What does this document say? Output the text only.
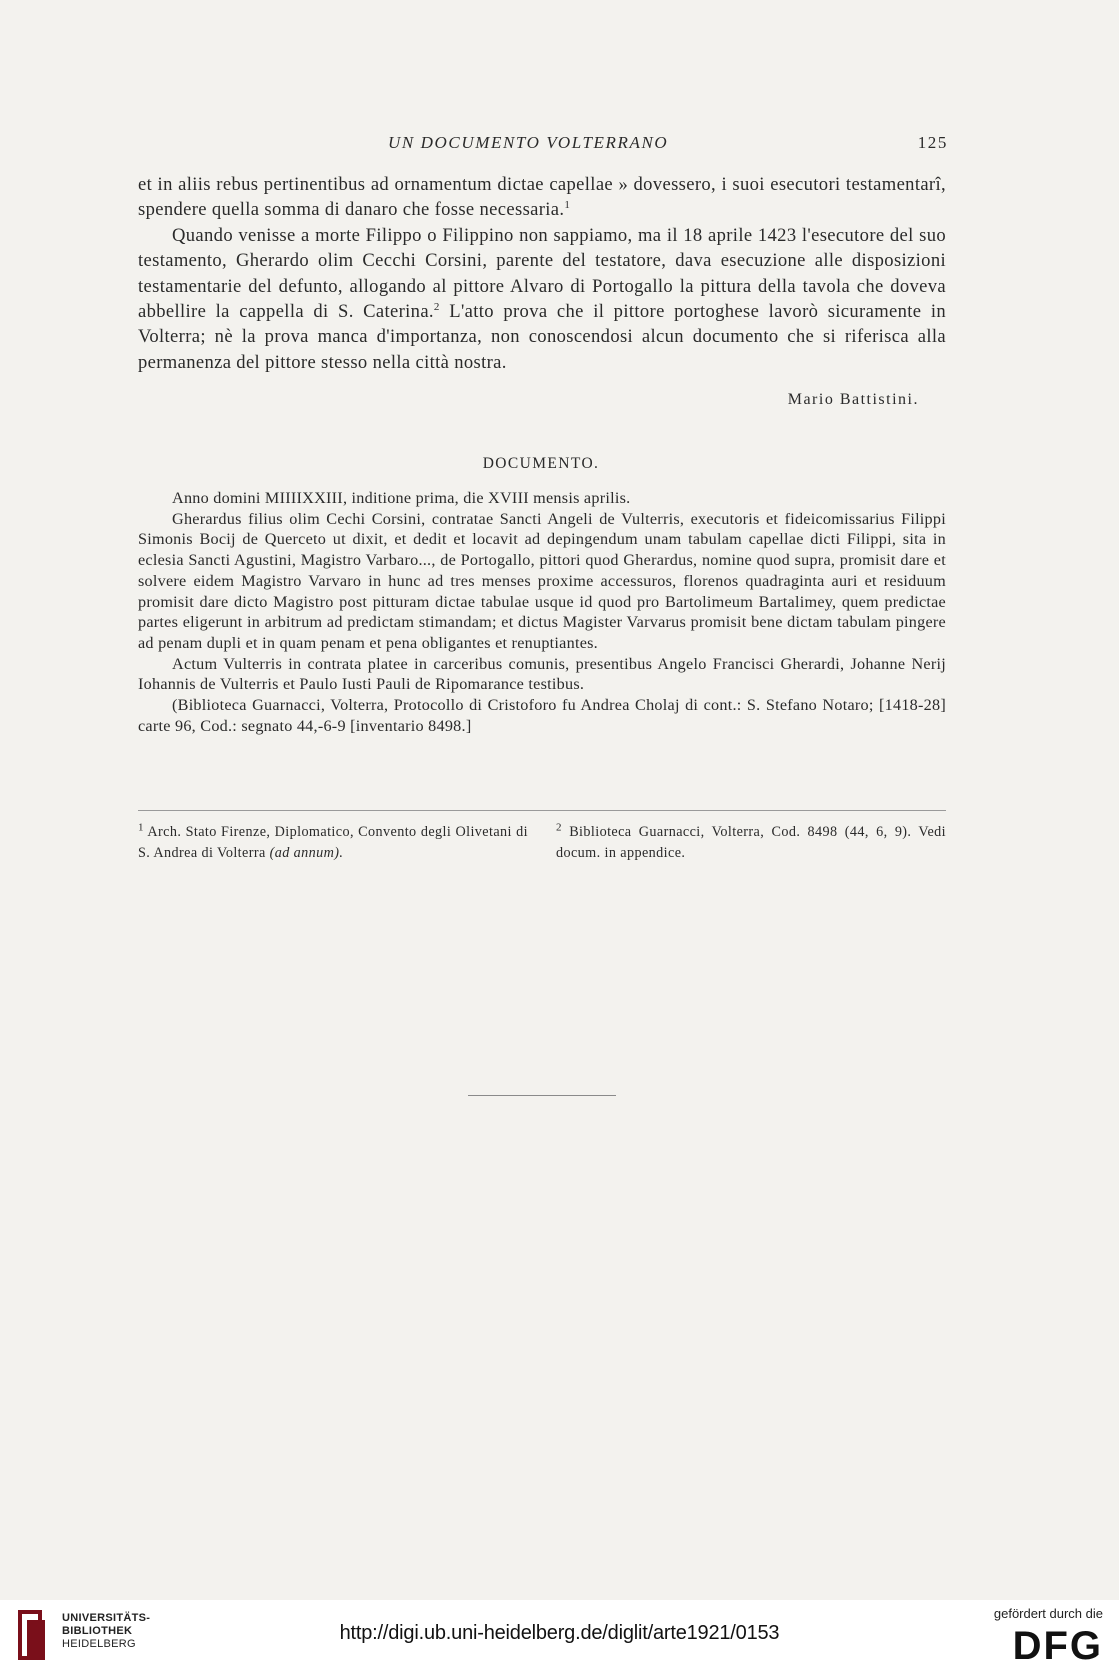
UN DOCUMENTO VOLTERRANO	125

et in aliis rebus pertinentibus ad ornamentum dictae capellae » dovessero, i suoi esecutori testamentarî, spendere quella somma di danaro che fosse necessaria.$^1$

Quando venisse a morte Filippo o Filippino non sappiamo, ma il 18 aprile 1423 l'esecutore del suo testamento, Gherardo olim Cecchi Corsini, parente del testatore, dava esecuzione alle disposizioni testamentarie del defunto, allogando al pittore Alvaro di Portogallo la pittura della tavola che doveva abbellire la cappella di S. Caterina.$^2$ L'atto prova che il pittore portoghese lavorò sicuramente in Volterra; nè la prova manca d'importanza, non conoscendosi alcun documento che si riferisca alla permanenza del pittore stesso nella città nostra.

Mario Battistini.
DOCUMENTO.

Anno domini MIIIIXXIII, inditione prima, die XVIII mensis aprilis.

Gherardus filius olim Cechi Corsini, contratae Sancti Angeli de Vulterris, executoris et fideicomissarius Filippi Simonis Bocij de Querceto ut dixit, et dedit et locavit ad depingendum unam tabulam capellae dicti Filippi, sita in eclesia Sancti Agustini, Magistro Varbaro..., de Portogallo, pittori quod Gherardus, nomine quod supra, promisit dare et solvere eidem Magistro Varvaro in hunc ad tres menses proxime accessuros, florenos quadraginta auri et residuum promisit dare dicto Magistro post pitturam dictae tabulae usque id quod pro Bartolimeum Bartalimey, quem predictae partes eligerunt in arbitrum ad predictam stimandam; et dictus Magister Varvarus promisit bene dictam tabulam pingere ad penam dupli et in quam penam et pena obligantes et renuptiantes.

Actum Vulterris in contrata platee in carceribus comunis, presentibus Angelo Francisci Gherardi, Johanne Nerij Iohannis de Vulterris et Paulo Iusti Pauli de Ripomarance testibus.

(Biblioteca Guarnacci, Volterra, Protocollo di Cristoforo fu Andrea Cholaj di cont.: S. Stefano Notaro; [1418-28] carte 96, Cod.: segnato 44,-6-9 [inventario 8498.]

$^1$ Arch. Stato Firenze, Diplomatico, Convento degli Olivetani di S. Andrea di Volterra (ad annum).
$^2$ Biblioteca Guarnacci, Volterra, Cod. 8498 (44, 6, 9). Vedi docum. in appendice.
UNIVERSITÄTS-
BIBLIOTHEK
HEIDELBERG	http://digi.ub.uni-heidelberg.de/diglit/arte1921/0153
gefördert durch die
DFG
